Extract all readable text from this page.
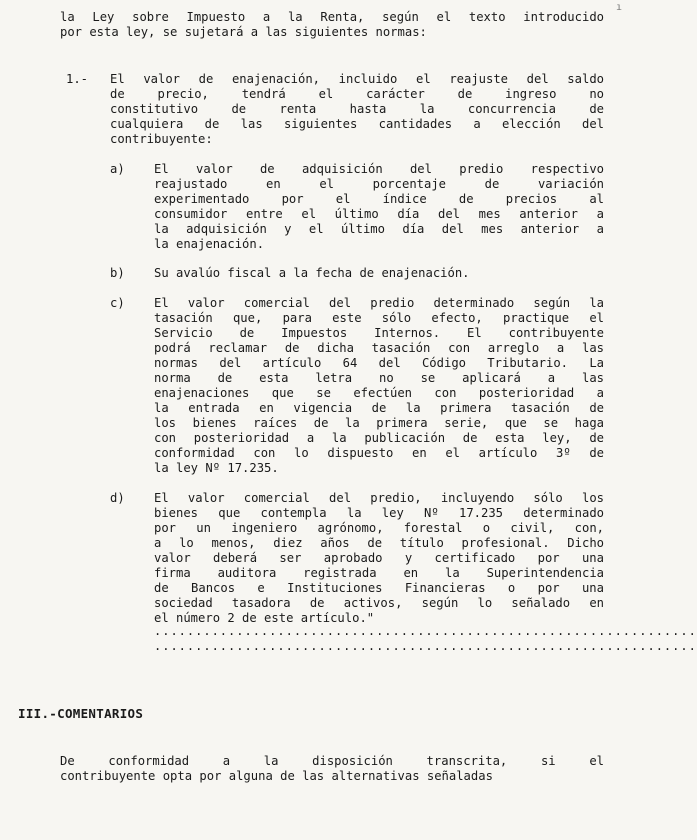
ı
la Ley sobre Impuesto a la Renta, según el texto introducido
por esta ley, se sujetará a las siguientes normas:
1.- El valor de enajenación, incluido el reajuste del saldo
de precio, tendrá el carácter de ingreso no
constitutivo de renta hasta la concurrencia de
cualquiera de las siguientes cantidades a elección del
contribuyente:
a) El valor de adquisición del predio respectivo
reajustado en el porcentaje de variación
experimentado por el índice de precios al
consumidor entre el último día del mes anterior a
la adquisición y el último día del mes anterior a
la enajenación.
b) Su avalúo fiscal a la fecha de enajenación.
c) El valor comercial del predio determinado según la
tasación que, para este sólo efecto, practique el
Servicio de Impuestos Internos. El contribuyente
podrá reclamar de dicha tasación con arreglo a las
normas del artículo 64 del Código Tributario. La
norma de esta letra no se aplicará a las
enajenaciones que se efectúen con posterioridad a
la entrada en vigencia de la primera tasación de
los bienes raíces de la primera serie, que se haga
con posterioridad a la publicación de esta ley, de
conformidad con lo dispuesto en el artículo 3º de
la ley Nº 17.235.
d) El valor comercial del predio, incluyendo sólo los
bienes que contempla la ley Nº 17.235 determinado
por un ingeniero agrónomo, forestal o civil, con,
a lo menos, diez años de título profesional. Dicho
valor deberá ser aprobado y certificado por una
firma auditora registrada en la Superintendencia
de Bancos e Instituciones Financieras o por una
sociedad tasadora de activos, según lo señalado en
el número 2 de este artículo."
..................................................................
..................................................................
III.-COMENTARIOS
De conformidad a la disposición transcrita, si el
contribuyente opta por alguna de las alternativas señaladas
